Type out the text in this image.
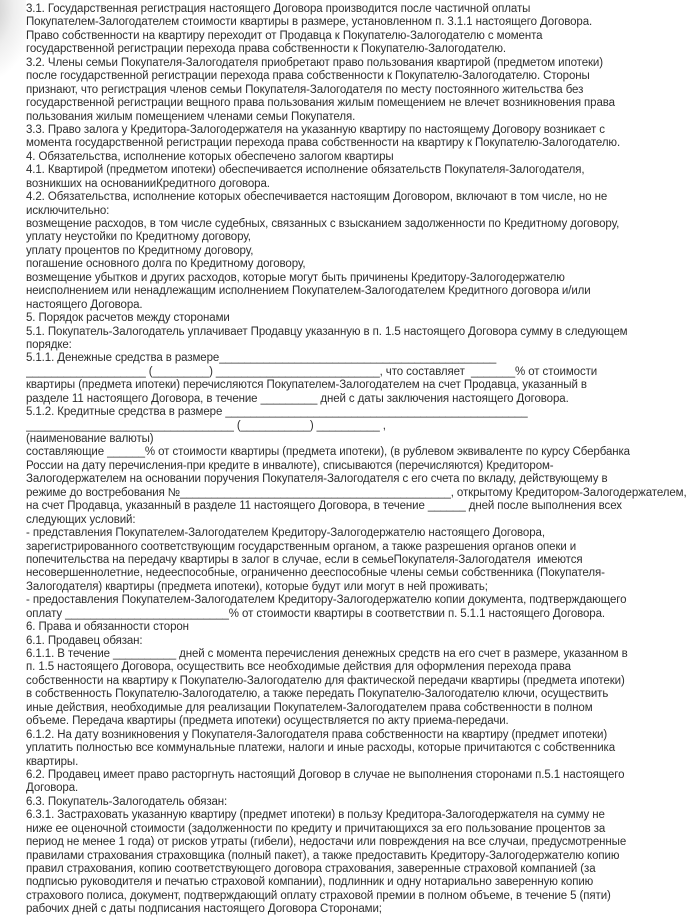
3.1. Государственная регистрация настоящего Договора производится после частичной оплаты
Покупателем-Залогодателем стоимости квартиры в размере, установленном п. 3.1.1 настоящего Договора.
Право собственности на квартиру переходит от Продавца к Покупателю-Залогодателю с момента
государственной регистрации перехода права собственности к Покупателю-Залогодателю.
3.2. Члены семьи Покупателя-Залогодателя приобретают право пользования квартирой (предметом ипотеки)
после государственной регистрации перехода права собственности к Покупателю-Залогодателю. Стороны
признают, что регистрация членов семьи Покупателя-Залогодателя по месту постоянного жительства без
государственной регистрации вещного права пользования жилым помещением не влечет возникновения права
пользования жилым помещением членами семьи Покупателя.
3.3. Право залога у Кредитора-Залогодержателя на указанную квартиру по настоящему Договору возникает с
момента государственной регистрации перехода права собственности на квартиру к Покупателю-Залогодателю.
4. Обязательства, исполнение которых обеспечено залогом квартиры
4.1. Квартирой (предметом ипотеки) обеспечивается исполнение обязательств Покупателя-Залогодателя,
возникших на основанииКредитного договора.
4.2. Обязательства, исполнение которых обеспечивается настоящим Договором, включают в том числе, но не
исключительно:
возмещение расходов, в том числе судебных, связанных с взысканием задолженности по Кредитному договору,
уплату неустойки по Кредитному договору,
уплату процентов по Кредитному договору,
погашение основного долга по Кредитному договору,
возмещение убытков и других расходов, которые могут быть причинены Кредитору-Залогодержателю
неисполнением или ненадлежащим исполнением Покупателем-Залогодателем Кредитного договора и/или
настоящего Договора.
5. Порядок расчетов между сторонами
5.1. Покупатель-Залогодатель уплачивает Продавцу указанную в п. 1.5 настоящего Договора сумму в следующем
порядке:
5.1.1. Денежные средства в размере____________________________________________
___________________ (_________) __________________________, что составляет  _______% от стоимости
квартиры (предмета ипотеки) перечисляются Покупателем-Залогодателем на счет Продавца, указанный в
разделе 11 настоящего Договора, в течение _________ дней с даты заключения настоящего Договора.
5.1.2. Кредитные средства в размере ________________________________________________
_________________________________ (___________) __________ ,
(наименование валюты)
составляющие ______% от стоимости квартиры (предмета ипотеки), (в рублевом эквиваленте по курсу Сбербанка
России на дату перечисления-при кредите в инвалюте), списываются (перечисляются) Кредитором-
Залогодержателем на основании поручения Покупателя-Залогодателя с его счета по вкладу, действующему в
режиме до востребования №___________________________________________, открытому Кредитором-Залогодержателем,
на счет Продавца, указанный в разделе 11 настоящего Договора, в течение ______ дней после выполнения всех
следующих условий:
- представления Покупателем-Залогодателем Кредитору-Залогодержателю настоящего Договора,
зарегистрированного соответствующим государственным органом, а также разрешения органов опеки и
попечительства на передачу квартиры в залог в случае, если в семьеПокупателя-Залогодателя  имеются
несовершеннолетние, недееспособные, ограниченно дееспособные члены семьи собственника (Покупателя-
Залогодателя) квартиры (предмета ипотеки), которые будут или могут в ней проживать;
- предоставления Покупателем-Залогодателем Кредитору-Залогодержателю копии документа, подтверждающего
оплату __________________________% от стоимости квартиры в соответствии п. 5.1.1 настоящего Договора.
6. Права и обязанности сторон
6.1. Продавец обязан:
6.1.1. В течение __________ дней с момента перечисления денежных средств на его счет в размере, указанном в
п. 1.5 настоящего Договора, осуществить все необходимые действия для оформления перехода права
собственности на квартиру к Покупателю-Залогодателю для фактической передачи квартиры (предмета ипотеки)
в собственность Покупателю-Залогодателю, а также передать Покупателю-Залогодателю ключи, осуществить
иные действия, необходимые для реализации Покупателем-Залогодателем права собственности в полном
объеме. Передача квартиры (предмета ипотеки) осуществляется по акту приема-передачи.
6.1.2. На дату возникновения у Покупателя-Залогодателя права собственности на квартиру (предмет ипотеки)
уплатить полностью все коммунальные платежи, налоги и иные расходы, которые причитаются с собственника
квартиры.
6.2. Продавец имеет право расторгнуть настоящий Договор в случае не выполнения сторонами п.5.1 настоящего
Договора.
6.3. Покупатель-Залогодатель обязан:
6.3.1. Застраховать указанную квартиру (предмет ипотеки) в пользу Кредитора-Залогодержателя на сумму не
ниже ее оценочной стоимости (задолженности по кредиту и причитающихся за его пользование процентов за
период не менее 1 года) от рисков утраты (гибели), недостачи или повреждения на все случаи, предусмотренные
правилами страхования страховщика (полный пакет), а также предоставить Кредитору-Залогодержателю копию
правил страхования, копию соответствующего договора страхования, заверенные страховой компанией (за
подписью руководителя и печатью страховой компании), подлинник и одну нотариально заверенную копию
страхового полиса, документ, подтверждающий оплату страховой премии в полном объеме, в течение 5 (пяти)
рабочих дней с даты подписания настоящего Договора Сторонами;
